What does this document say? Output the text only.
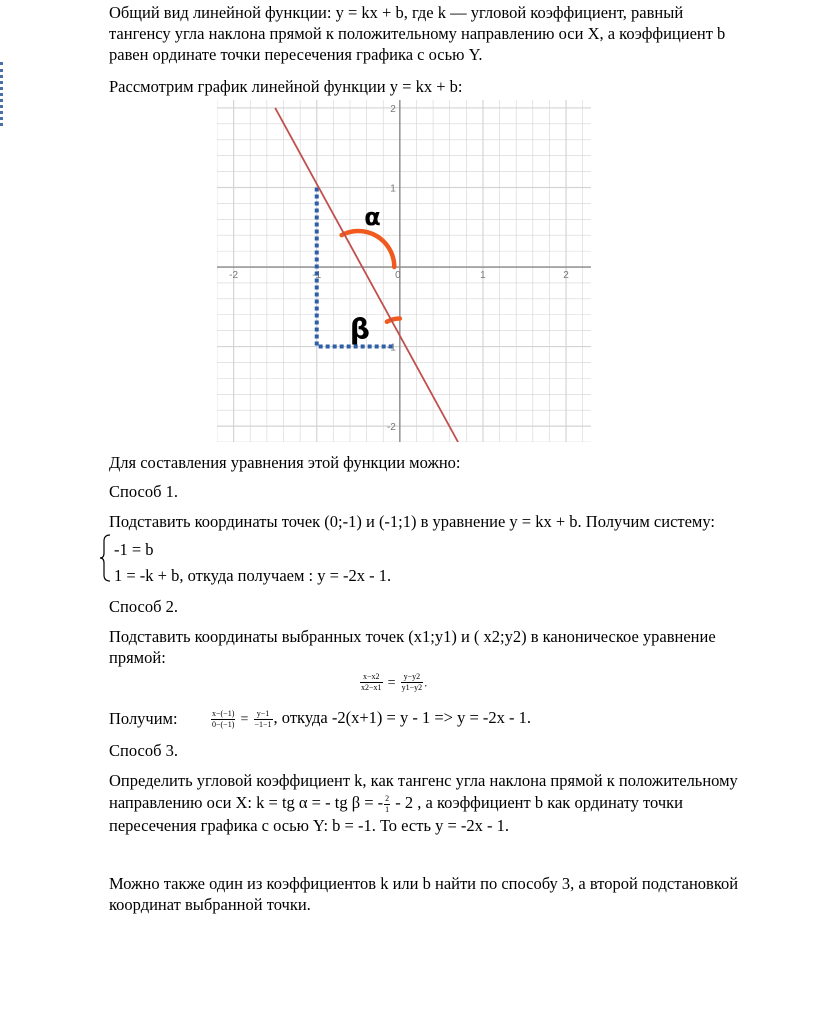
Общий вид линейной функции: y = kx + b, где k — угловой коэффициент, равный
тангенсу угла наклона прямой к положительному направлению оси X, а коэффициент b
равен ординате точки пересечения графика с осью Y.
Рассмотрим график линейной функции y = kx + b:
-2	-1	0	1	2
2
1
-1
-2
α
β
Для составления уравнения этой функции можно:
Способ 1.
Подставить координаты точек (0;-1) и (-1;1) в уравнение y = kx + b. Получим систему:
-1 = b
1 = -k + b, откуда получаем : y = -2x - 1.
Способ 2.
Подставить координаты выбранных точек (x1;y1) и ( x2;y2) в каноническое уравнение
прямой:
$\frac{x-x2}{x2-x1} = \frac{y-y2}{y1-y2}$ .
Получим:	$\frac{x-(-1)}{0-(-1)} = \frac{y-1}{-1-1}$ , откуда -2(x+1) = y - 1 => y = -2x - 1.
Способ 3.
Определить угловой коэффициент k, как тангенс угла наклона прямой к положительному
направлению оси X: k = tg α = - tg β = - $\frac{2}{1} - 2$ , а коэффициент b как ординату точки
пересечения графика с осью Y: b = -1. То есть y = -2x - 1.
Можно также один из коэффициентов k или b найти по способу 3, а второй подстановкой
координат выбранной точки.
